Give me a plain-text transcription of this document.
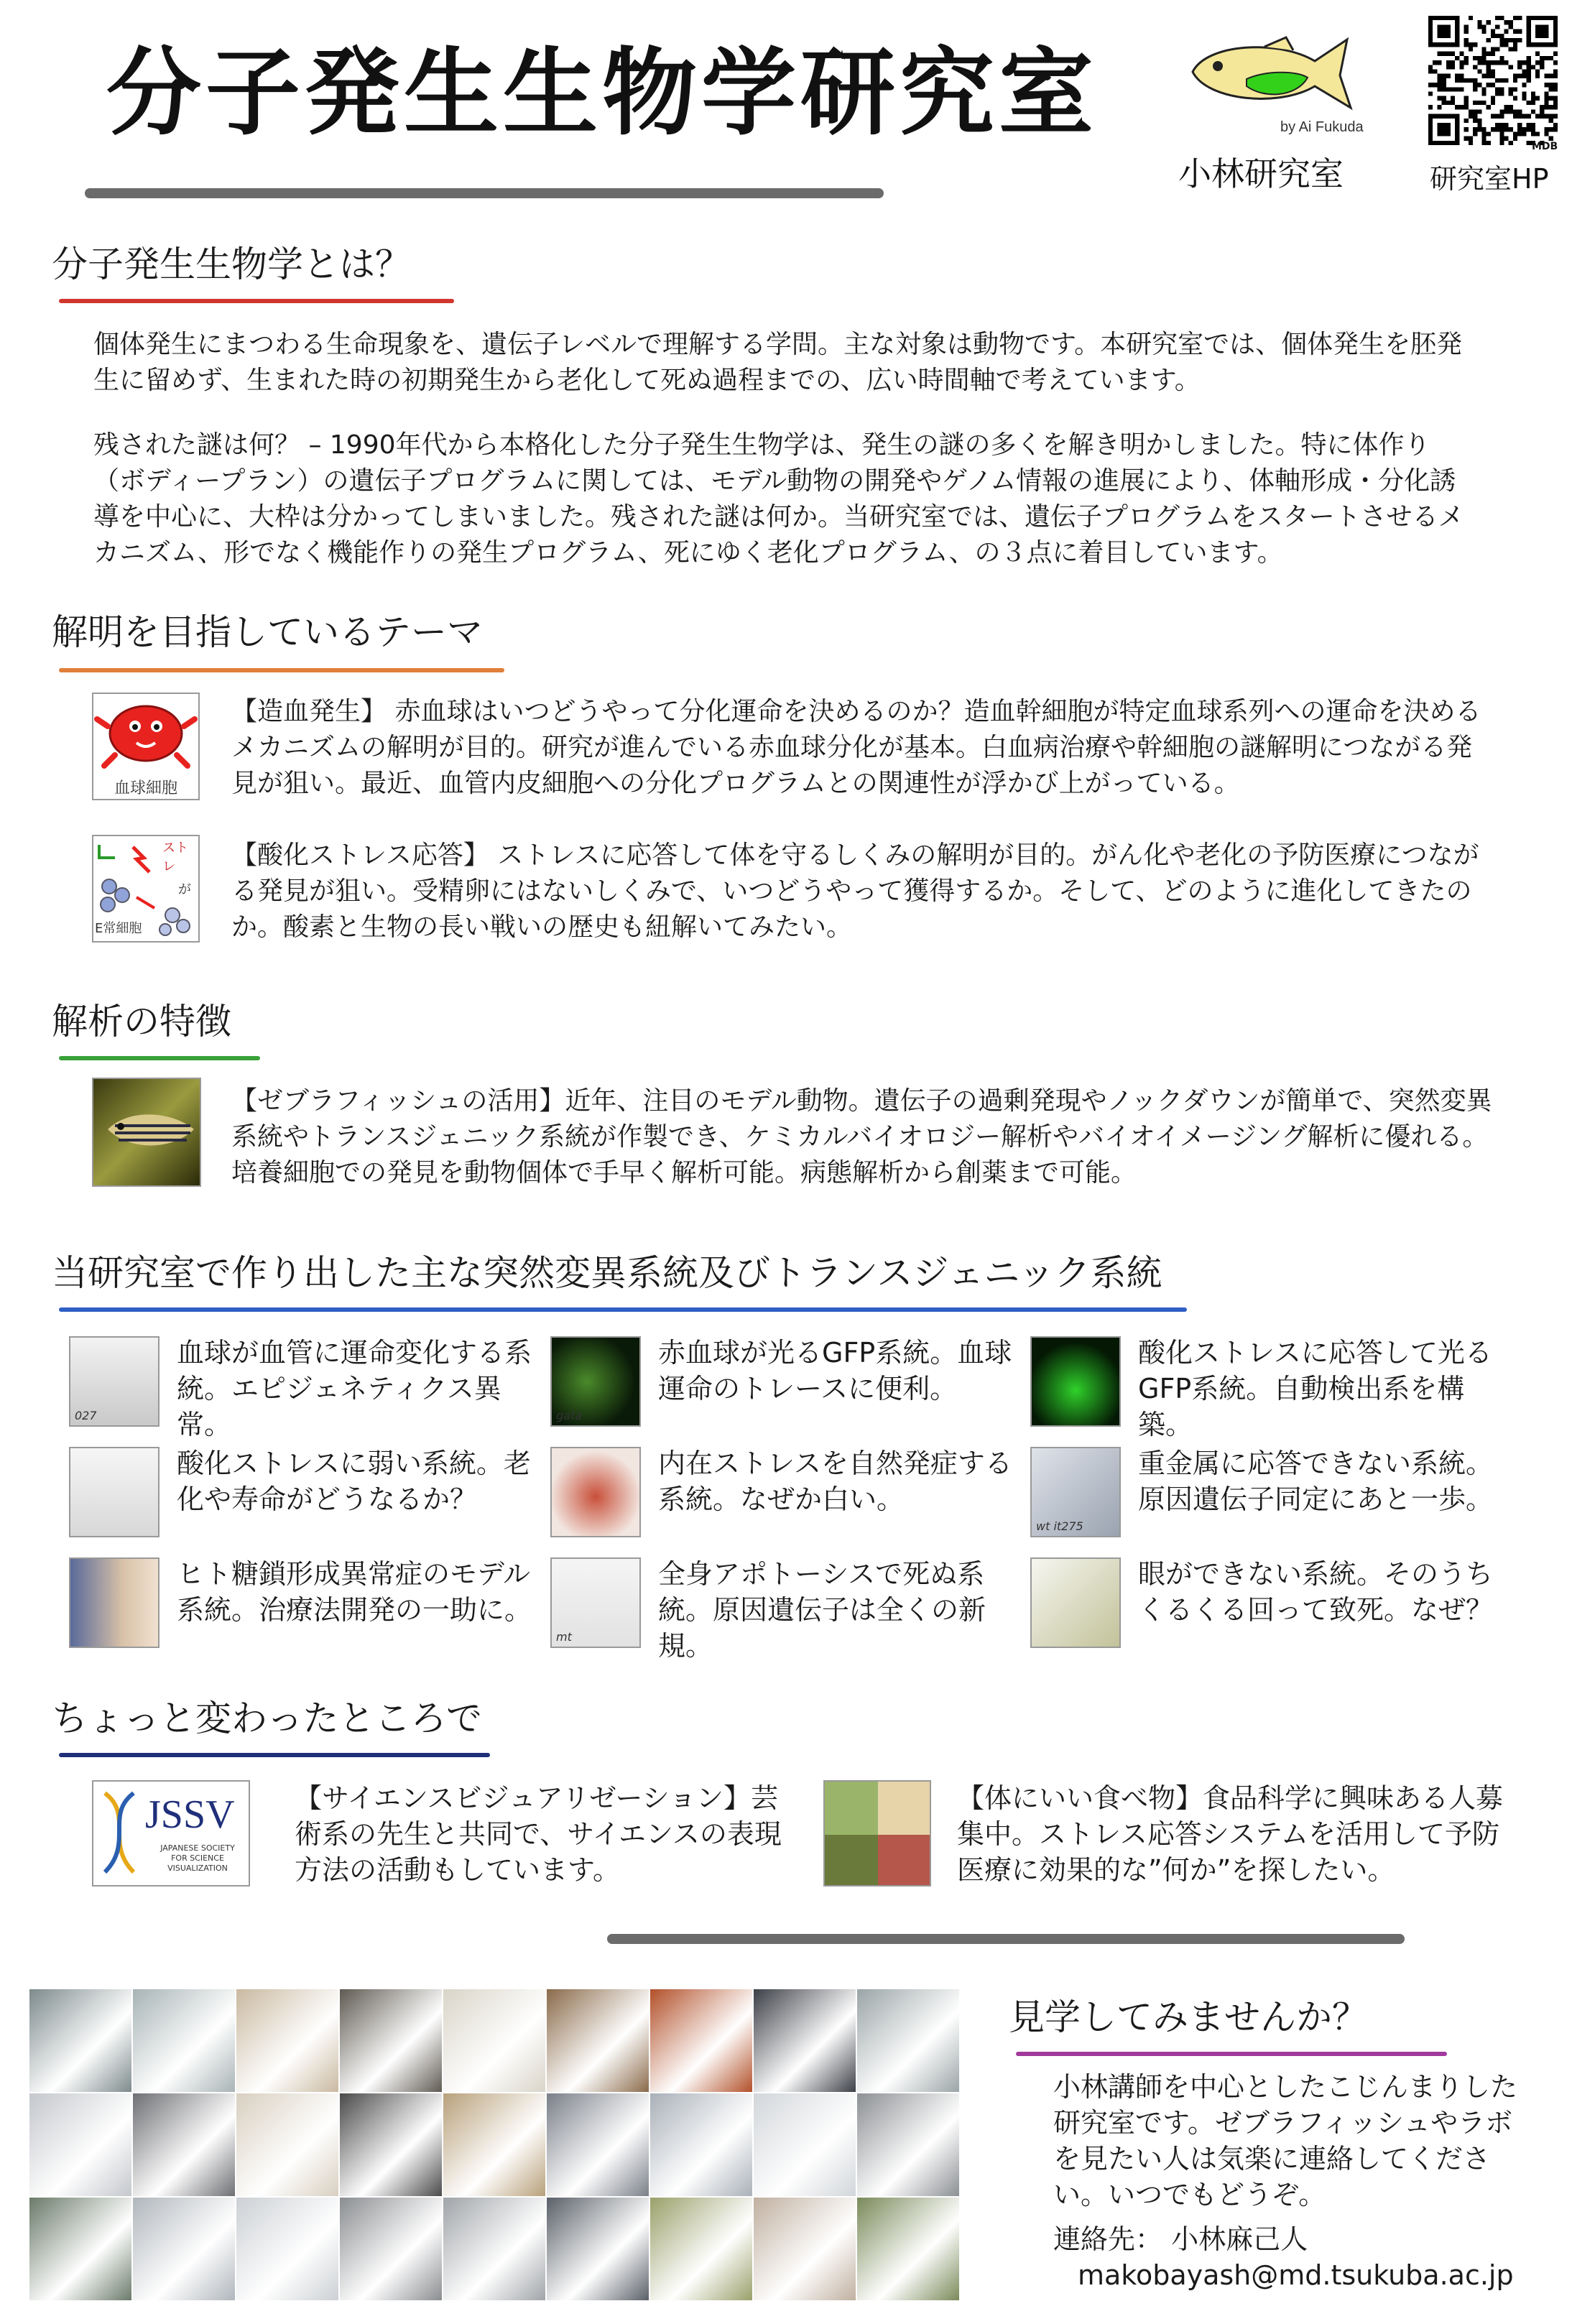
分子発生生物学研究室	by Ai Fukuda
小林研究室
MDB
研究室HP
分子発生生物学とは？
個体発生にまつわる生命現象を、遺伝子レベルで理解する学問。主な対象は動物です。本研究室では、個体発生を胚発生に留めず、生まれた時の初期発生から老化して死ぬ過程までの、広い時間軸で考えています。
残された謎は何？ – 1990年代から本格化した分子発生生物学は、発生の謎の多くを解き明かしました。特に体作り（ボディープラン）の遺伝子プログラムに関しては、モデル動物の開発やゲノム情報の進展により、体軸形成・分化誘導を中心に、大枠は分かってしまいました。残された謎は何か。当研究室では、遺伝子プログラムをスタートさせるメカニズム、形でなく機能作りの発生プログラム、死にゆく老化プログラム、の３点に着目しています。
解明を目指しているテーマ
血球細胞
【造血発生】 赤血球はいつどうやって分化運命を決めるのか？造血幹細胞が特定血球系列への運命を決めるメカニズムの解明が目的。研究が進んでいる赤血球分化が基本。白血病治療や幹細胞の謎解明につながる発見が狙い。最近、血管内皮細胞への分化プログラムとの関連性が浮かび上がっている。
ストレ
が
E常細胞
【酸化ストレス応答】 ストレスに応答して体を守るしくみの解明が目的。がん化や老化の予防医療につながる発見が狙い。受精卵にはないしくみで、いつどうやって獲得するか。そして、どのように進化してきたのか。酸素と生物の長い戦いの歴史も紐解いてみたい。
解析の特徴
【ゼブラフィッシュの活用】近年、注目のモデル動物。遺伝子の過剰発現やノックダウンが簡単で、突然変異系統やトランスジェニック系統が作製でき、ケミカルバイオロジー解析やバイオイメージング解析に優れる。培養細胞での発見を動物個体で手早く解析可能。病態解析から創薬まで可能。
当研究室で作り出した主な突然変異系統及びトランスジェニック系統
027
血球が血管に運命変化する系統。エピジェネティクス異常。	gata
赤血球が光るGFP系統。血球運命のトレースに便利。
酸化ストレスに応答して光るGFP系統。自動検出系を構築。
酸化ストレスに弱い系統。老化や寿命がどうなるか？
内在ストレスを自然発症する系統。なぜか白い。
wt it275
重金属に応答できない系統。原因遺伝子同定にあと一歩。
ヒト糖鎖形成異常症のモデル系統。治療法開発の一助に。
mt
全身アポトーシスで死ぬ系統。原因遺伝子は全くの新規。
眼ができない系統。そのうちくるくる回って致死。なぜ？
ちょっと変わったところで
JSSV
JAPANESE SOCIETY FOR SCIENCE VISUALIZATION
【サイエンスビジュアリゼーション】芸術系の先生と共同で、サイエンスの表現方法の活動もしています。
【体にいい食べ物】食品科学に興味ある人募集中。ストレス応答システムを活用して予防医療に効果的な”何か”を探したい。
見学してみませんか？
小林講師を中心としたこじんまりした研究室です。ゼブラフィッシュやラボを見たい人は気楽に連絡してください。いつでもどうぞ。
連絡先： 小林麻己人
makobayash@md.tsukuba.ac.jp
